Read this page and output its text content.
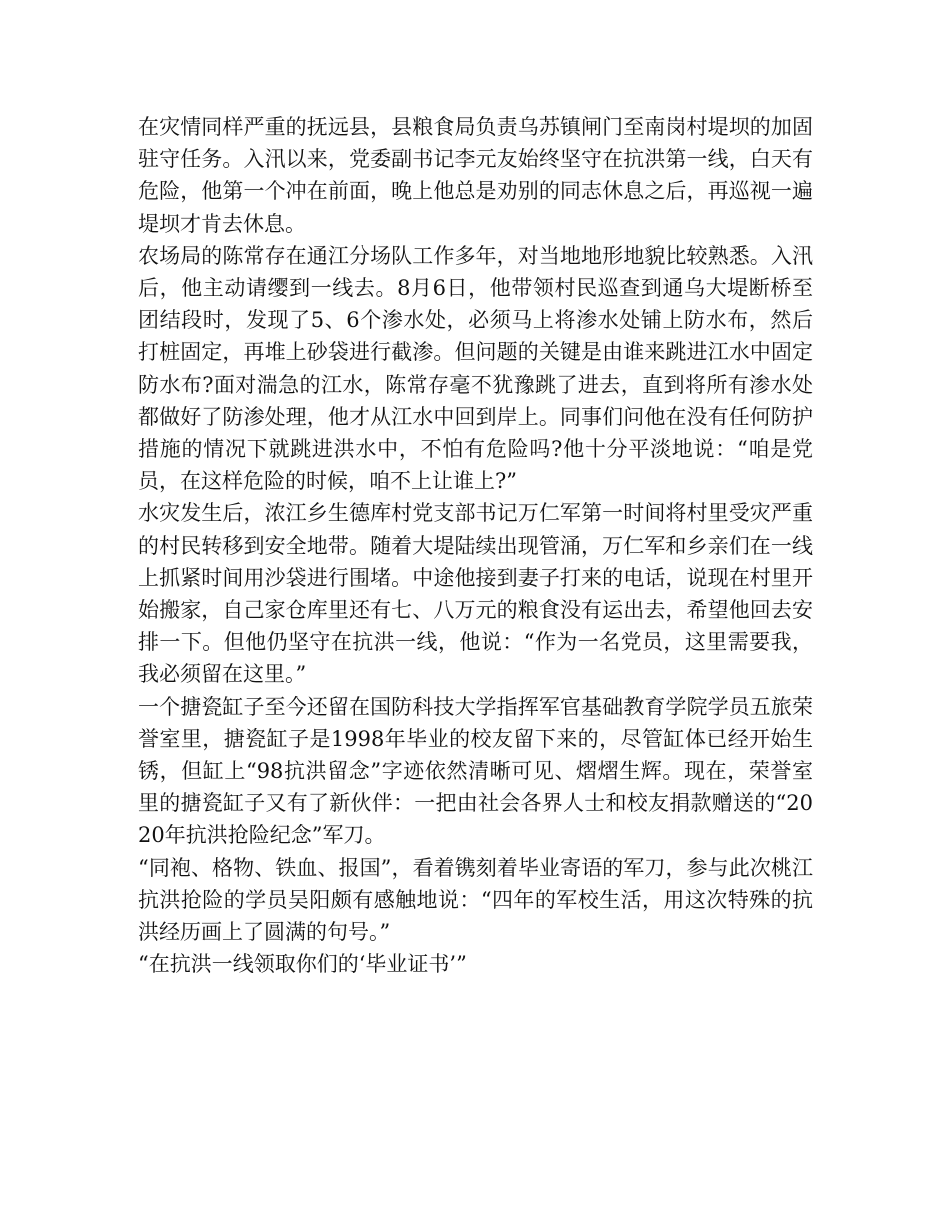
在灾情同样严重的抚远县，县粮食局负责乌苏镇闸门至南岗村堤坝的加固驻守任务。入汛以来，党委副书记李元友始终坚守在抗洪第一线，白天有危险，他第一个冲在前面，晚上他总是劝别的同志休息之后，再巡视一遍堤坝才肯去休息。

农场局的陈常存在通江分场队工作多年，对当地地形地貌比较熟悉。入汛后，他主动请缨到一线去。8月6日，他带领村民巡查到通乌大堤断桥至团结段时，发现了5、6个渗水处，必须马上将渗水处铺上防水布，然后打桩固定，再堆上砂袋进行截渗。但问题的关键是由谁来跳进江水中固定防水布?面对湍急的江水，陈常存毫不犹豫跳了进去，直到将所有渗水处都做好了防渗处理，他才从江水中回到岸上。同事们问他在没有任何防护措施的情况下就跳进洪水中，不怕有危险吗?他十分平淡地说：“咱是党员，在这样危险的时候，咱不上让谁上?”

水灾发生后，浓江乡生德库村党支部书记万仁军第一时间将村里受灾严重的村民转移到安全地带。随着大堤陆续出现管涌，万仁军和乡亲们在一线上抓紧时间用沙袋进行围堵。中途他接到妻子打来的电话，说现在村里开始搬家，自己家仓库里还有七、八万元的粮食没有运出去，希望他回去安排一下。但他仍坚守在抗洪一线，他说：“作为一名党员，这里需要我，我必须留在这里。”

一个搪瓷缸子至今还留在国防科技大学指挥军官基础教育学院学员五旅荣誉室里，搪瓷缸子是1998年毕业的校友留下来的，尽管缸体已经开始生锈，但缸上“98抗洪留念”字迹依然清晰可见、熠熠生辉。现在，荣誉室里的搪瓷缸子又有了新伙伴：一把由社会各界人士和校友捐款赠送的“2020年抗洪抢险纪念”军刀。

“同袍、格物、铁血、报国”，看着镌刻着毕业寄语的军刀，参与此次桃江抗洪抢险的学员吴阳颇有感触地说：“四年的军校生活，用这次特殊的抗洪经历画上了圆满的句号。”

“在抗洪一线领取你们的‘毕业证书’”
